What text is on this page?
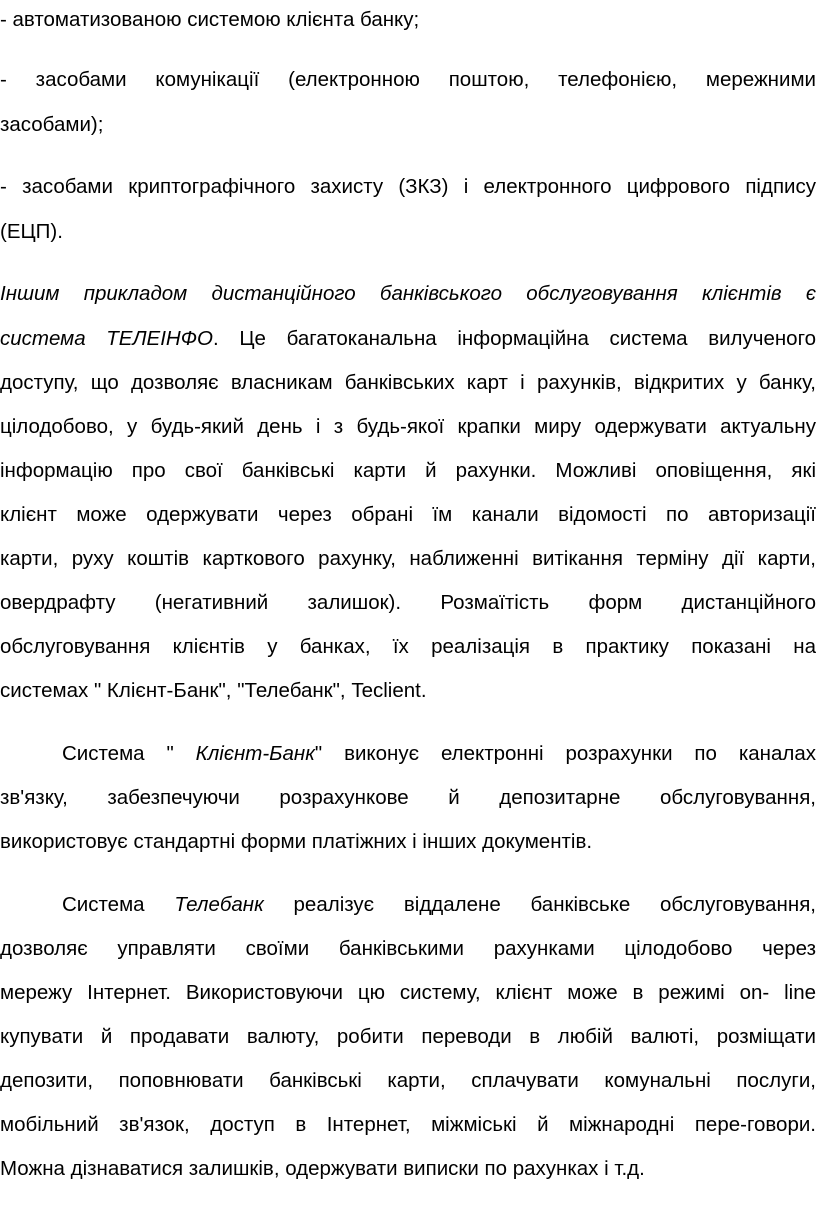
- автоматизованою системою клієнта банку;
- засобами комунікації (електронною поштою, телефонією, мережними
засобами);
- засобами криптографічного захисту (ЗКЗ) і електронного цифрового підпису
(ЕЦП).
Іншим прикладом дистанційного банківського обслуговування клієнтів є
система ТЕЛЕІНФО. Це багатоканальна інформаційна система вилученого
доступу, що дозволяє власникам банківських карт і рахунків, відкритих у банку,
цілодобово, у будь-який день і з будь-якої крапки миру одержувати актуальну
інформацію про свої банківські карти й рахунки. Можливі оповіщення, які
клієнт може одержувати через обрані їм канали відомості по авторизації
карти, руху коштів карткового рахунку, наближенні витікання терміну дії карти,
овердрафту (негативний залишок). Розмаїтість форм дистанційного
обслуговування клієнтів у банках, їх реалізація в практику показані на
системах " Клієнт-Банк", "Телебанк", Teclient.
Система " Клієнт-Банк" виконує електронні розрахунки по каналах
зв'язку, забезпечуючи розрахункове й депозитарне обслуговування,
використовує стандартні форми платіжних і інших документів.
Система Телебанк реалізує віддалене банківське обслуговування,
дозволяє управляти своїми банківськими рахунками цілодобово через
мережу Інтернет. Використовуючи цю систему, клієнт може в режимі on- line
купувати й продавати валюту, робити переводи в любій валюті, розміщати
депозити, поповнювати банківські карти, сплачувати комунальні послуги,
мобільний зв'язок, доступ в Інтернет, міжміські й міжнародні пере-говори.
Можна дізнаватися залишків, одержувати виписки по рахунках і т.д.
